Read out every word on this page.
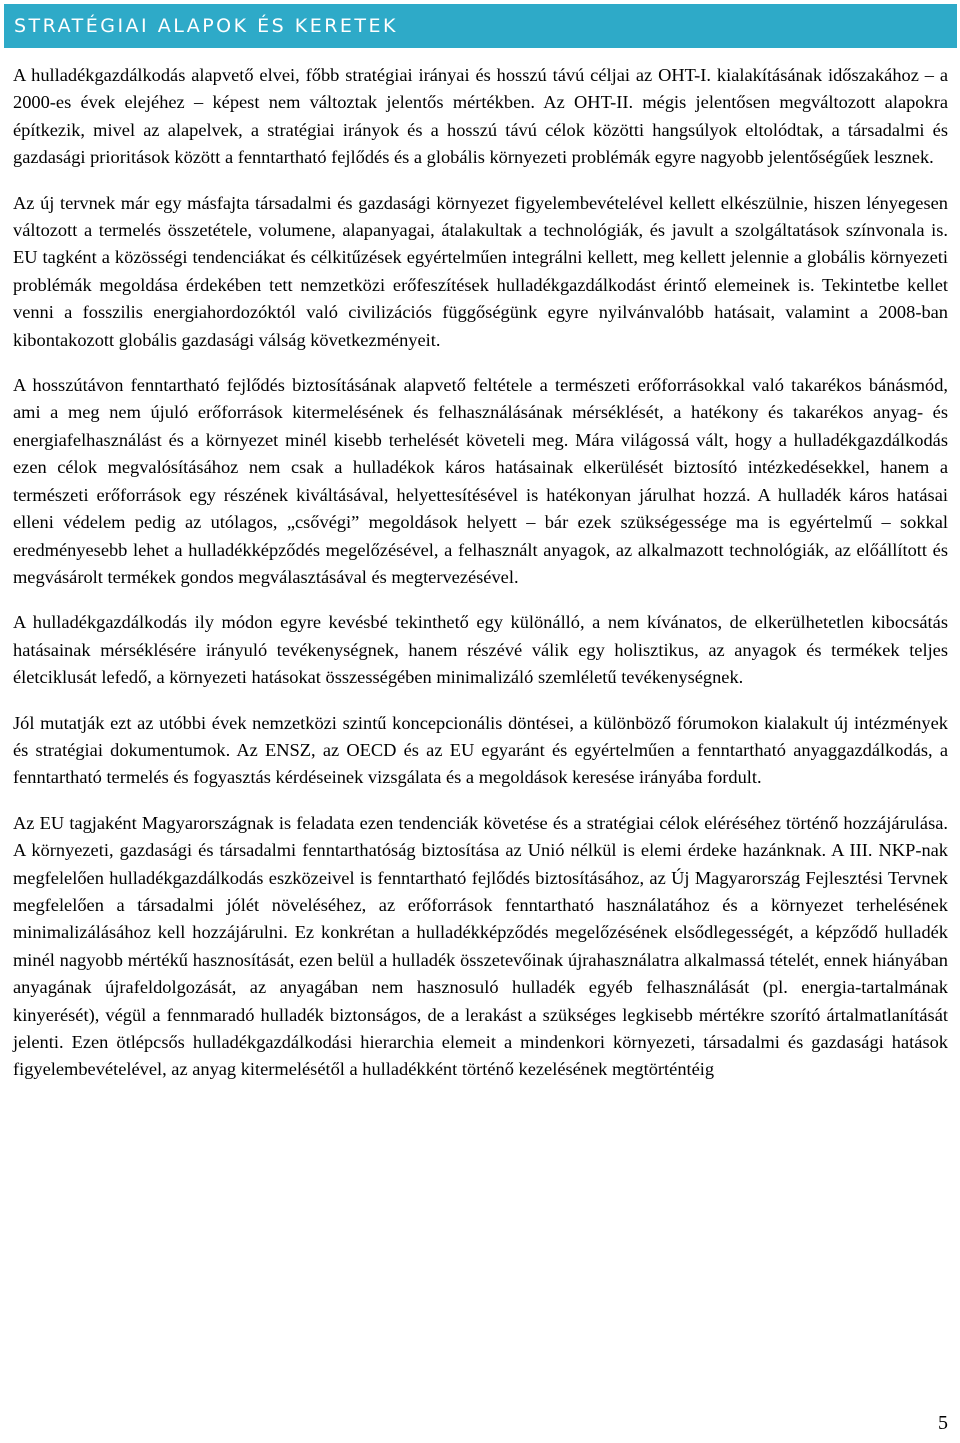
STRATÉGIAI ALAPOK ÉS KERETEK

A hulladékgazdálkodás alapvető elvei, főbb stratégiai irányai és hosszú távú céljai az OHT-I. kialakításának időszakához – a 2000-es évek elejéhez – képest nem változtak jelentős mértékben. Az OHT-II. mégis jelentősen megváltozott alapokra építkezik, mivel az alapelvek, a stratégiai irányok és a hosszú távú célok közötti hangsúlyok eltolódtak, a társadalmi és gazdasági prioritások között a fenntartható fejlődés és a globális környezeti problémák egyre nagyobb jelentőségűek lesznek.

Az új tervnek már egy másfajta társadalmi és gazdasági környezet figyelembevételével kellett elkészülnie, hiszen lényegesen változott a termelés összetétele, volumene, alapanyagai, átalakultak a technológiák, és javult a szolgáltatások színvonala is. EU tagként a közösségi tendenciákat és célkitűzések egyértelműen integrálni kellett, meg kellett jelennie a globális környezeti problémák megoldása érdekében tett nemzetközi erőfeszítések hulladékgazdálkodást érintő elemeinek is. Tekintetbe kellet venni a fosszilis energiahordozóktól való civilizációs függőségünk egyre nyilvánvalóbb hatásait, valamint a 2008-ban kibontakozott globális gazdasági válság következményeit.

A hosszútávon fenntartható fejlődés biztosításának alapvető feltétele a természeti erőforrásokkal való takarékos bánásmód, ami a meg nem újuló erőforrások kitermelésének és felhasználásának mérséklését, a hatékony és takarékos anyag- és energiafelhasználást és a környezet minél kisebb terhelését követeli meg. Mára világossá vált, hogy a hulladékgazdálkodás ezen célok megvalósításához nem csak a hulladékok káros hatásainak elkerülését biztosító intézkedésekkel, hanem a természeti erőforrások egy részének kiváltásával, helyettesítésével is hatékonyan járulhat hozzá. A hulladék káros hatásai elleni védelem pedig az utólagos, „csővégi” megoldások helyett – bár ezek szükségessége ma is egyértelmű – sokkal eredményesebb lehet a hulladékképződés megelőzésével, a felhasznált anyagok, az alkalmazott technológiák, az előállított és megvásárolt termékek gondos megválasztásával és megtervezésével.

A hulladékgazdálkodás ily módon egyre kevésbé tekinthető egy különálló, a nem kívánatos, de elkerülhetetlen kibocsátás hatásainak mérséklésére irányuló tevékenységnek, hanem részévé válik egy holisztikus, az anyagok és termékek teljes életciklusát lefedő, a környezeti hatásokat összességében minimalizáló szemléletű tevékenységnek.

Jól mutatják ezt az utóbbi évek nemzetközi szintű koncepcionális döntései, a különböző fórumokon kialakult új intézmények és stratégiai dokumentumok. Az ENSZ, az OECD és az EU egyaránt és egyértelműen a fenntartható anyaggazdálkodás, a fenntartható termelés és fogyasztás kérdéseinek vizsgálata és a megoldások keresése irányába fordult.

Az EU tagjaként Magyarországnak is feladata ezen tendenciák követése és a stratégiai célok eléréséhez történő hozzájárulása. A környezeti, gazdasági és társadalmi fenntarthatóság biztosítása az Unió nélkül is elemi érdeke hazánknak. A III. NKP-nak megfelelően hulladékgazdálkodás eszközeivel is fenntartható fejlődés biztosításához, az Új Magyarország Fejlesztési Tervnek megfelelően a társadalmi jólét növeléséhez, az erőforrások fenntartható használatához és a környezet terhelésének minimalizálásához kell hozzájárulni. Ez konkrétan a hulladékképződés megelőzésének elsődlegességét, a képződő hulladék minél nagyobb mértékű hasznosítását, ezen belül a hulladék összetevőinak újrahasználatra alkalmassá tételét, ennek hiányában anyagának újrafeldolgozását, az anyagában nem hasznosuló hulladék egyéb felhasználását (pl. energia-tartalmának kinyerését), végül a fennmaradó hulladék biztonságos, de a lerakást a szükséges legkisebb mértékre szorító ártalmatlanítását jelenti. Ezen ötlépcsős hulladékgazdálkodási hierarchia elemeit a mindenkori környezeti, társadalmi és gazdasági hatások figyelembevételével, az anyag kitermelésétől a hulladékként történő kezelésének megtörténtéig

5
